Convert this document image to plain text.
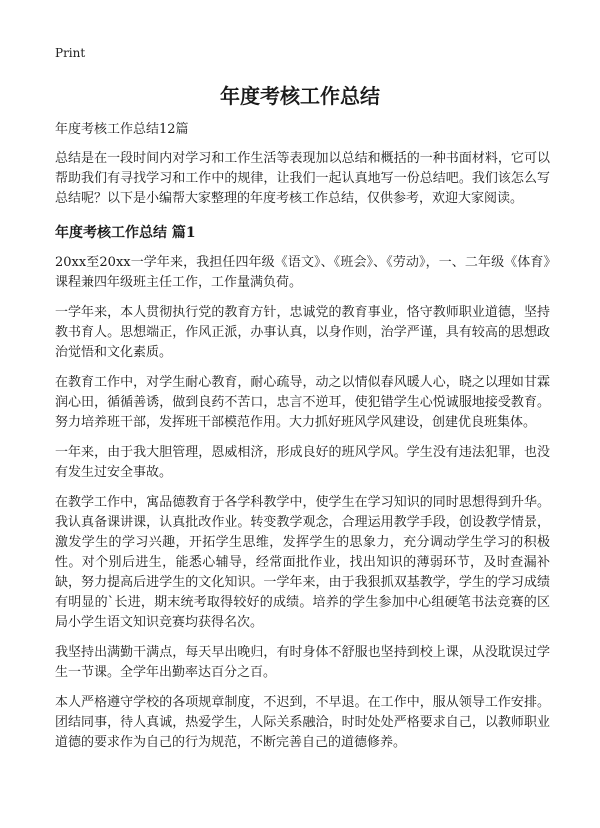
Print
年度考核工作总结

年度考核工作总结12篇

总结是在一段时间内对学习和工作生活等表现加以总结和概括的一种书面材料，它可以帮助我们有寻找学习和工作中的规律，让我们一起认真地写一份总结吧。我们该怎么写总结呢？以下是小编帮大家整理的年度考核工作总结，仅供参考，欢迎大家阅读。

年度考核工作总结 篇1

20xx至20xx一学年来，我担任四年级《语文》、《班会》、《劳动》，一、二年级《体育》课程兼四年级班主任工作，工作量满负荷。

一学年来，本人贯彻执行党的教育方针，忠诚党的教育事业，恪守教师职业道德，坚持教书育人。思想端正，作风正派，办事认真，以身作则，治学严谨，具有较高的思想政治觉悟和文化素质。

在教育工作中，对学生耐心教育，耐心疏导，动之以情似春风暖人心，晓之以理如甘霖润心田，循循善诱，做到良药不苦口，忠言不逆耳，使犯错学生心悦诚服地接受教育。努力培养班干部，发挥班干部模范作用。大力抓好班风学风建设，创建优良班集体。

一年来，由于我大胆管理，恩威相济，形成良好的班风学风。学生没有违法犯罪，也没有发生过安全事故。

在教学工作中，寓品德教育于各学科教学中，使学生在学习知识的同时思想得到升华。我认真备课讲课，认真批改作业。转变教学观念，合理运用教学手段，创设教学情景，激发学生的学习兴趣，开拓学生思维，发挥学生的思象力，充分调动学生学习的积极性。对个别后进生，能悉心辅导，经常面批作业，找出知识的薄弱环节，及时查漏补缺，努力提高后进学生的文化知识。一学年来，由于我狠抓双基教学，学生的学习成绩有明显的`长进，期末统考取得较好的成绩。培养的学生参加中心组硬笔书法竞赛的区局小学生语文知识竞赛均获得名次。

我坚持出满勤干满点，每天早出晚归，有时身体不舒服也坚持到校上课，从没耽误过学生一节课。全学年出勤率达百分之百。

本人严格遵守学校的各项规章制度，不迟到，不早退。在工作中，服从领导工作安排。团结同事，待人真诚，热爱学生，人际关系融洽，时时处处严格要求自己，以教师职业道德的要求作为自己的行为规范，不断完善自己的道德修养。
